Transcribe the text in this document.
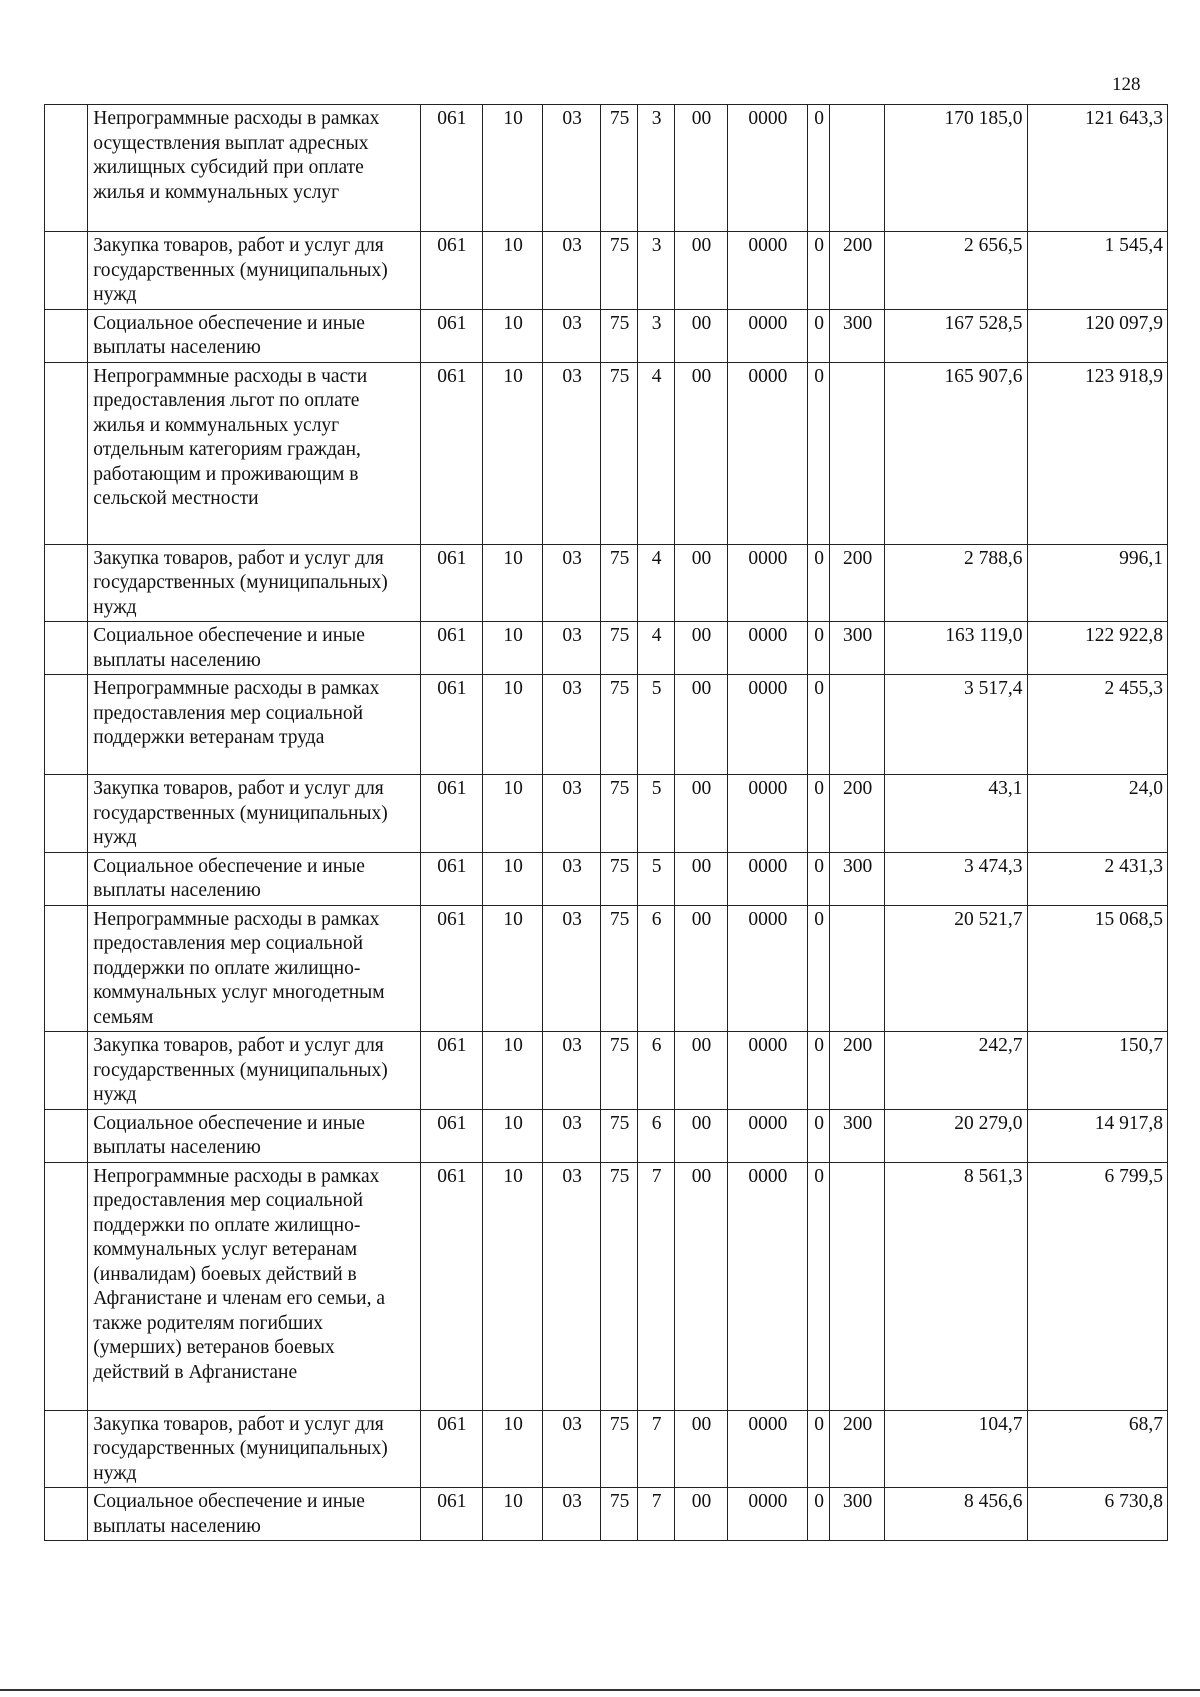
128
	Непрограммные расходы в рамках осуществления выплат адресных жилищных субсидий при оплате жилья и коммунальных услуг	061	10	03	75	3	00	0000	0		170 185,0	121 643,3
	Закупка товаров, работ и услуг для государственных (муниципальных) нужд	061	10	03	75	3	00	0000	0	200	2 656,5	1 545,4
	Социальное обеспечение и иные выплаты населению	061	10	03	75	3	00	0000	0	300	167 528,5	120 097,9
	Непрограммные расходы в части предоставления льгот по оплате жилья и коммунальных услуг отдельным категориям граждан, работающим и проживающим в сельской местности	061	10	03	75	4	00	0000	0		165 907,6	123 918,9
	Закупка товаров, работ и услуг для государственных (муниципальных) нужд	061	10	03	75	4	00	0000	0	200	2 788,6	996,1
	Социальное обеспечение и иные выплаты населению	061	10	03	75	4	00	0000	0	300	163 119,0	122 922,8
	Непрограммные расходы в рамках предоставления мер социальной поддержки ветеранам труда	061	10	03	75	5	00	0000	0		3 517,4	2 455,3
	Закупка товаров, работ и услуг для государственных (муниципальных) нужд	061	10	03	75	5	00	0000	0	200	43,1	24,0
	Социальное обеспечение и иные выплаты населению	061	10	03	75	5	00	0000	0	300	3 474,3	2 431,3
	Непрограммные расходы в рамках предоставления мер социальной поддержки по оплате жилищно-коммунальных услуг многодетным семьям	061	10	03	75	6	00	0000	0		20 521,7	15 068,5
	Закупка товаров, работ и услуг для государственных (муниципальных) нужд	061	10	03	75	6	00	0000	0	200	242,7	150,7
	Социальное обеспечение и иные выплаты населению	061	10	03	75	6	00	0000	0	300	20 279,0	14 917,8
	Непрограммные расходы в рамках предоставления мер социальной поддержки по оплате жилищно-коммунальных услуг ветеранам (инвалидам) боевых действий в Афганистане и членам его семьи, а также родителям погибших (умерших) ветеранов боевых действий в Афганистане	061	10	03	75	7	00	0000	0		8 561,3	6 799,5
	Закупка товаров, работ и услуг для государственных (муниципальных) нужд	061	10	03	75	7	00	0000	0	200	104,7	68,7
	Социальное обеспечение и иные выплаты населению	061	10	03	75	7	00	0000	0	300	8 456,6	6 730,8
